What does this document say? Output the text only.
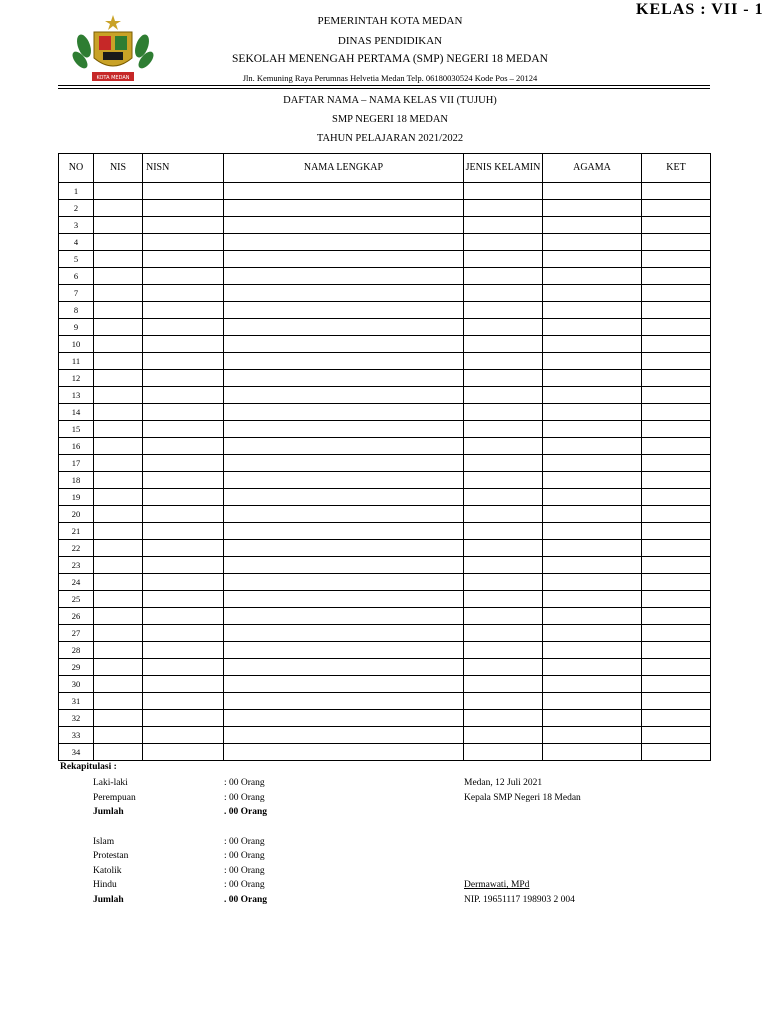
KELAS : VII - 1
KOTA MEDAN
PEMERINTAH KOTA MEDAN
DINAS PENDIDIKAN
SEKOLAH MENENGAH PERTAMA (SMP) NEGERI 18 MEDAN
Jln. Kemuning Raya Perumnas Helvetia Medan Telp. 06180030524 Kode Pos – 20124
DAFTAR NAMA – NAMA KELAS VII (TUJUH)
SMP NEGERI 18 MEDAN
TAHUN PELAJARAN 2021/2022
NO	NIS	NISN	NAMA LENGKAP	JENIS KELAMIN	AGAMA	KET
1						
2						
3						
4						
5						
6						
7						
8						
9						
10						
11						
12						
13						
14						
15						
16						
17						
18						
19						
20						
21						
22						
23						
24						
25						
26						
27						
28						
29						
30						
31						
32						
33						
34						
Rekapitulasi :
Laki-laki	: 00 Orang
Perempuan	: 00 Orang
Jumlah	. 00 Orang
Islam	: 00 Orang
Protestan	: 00 Orang
Katolik	: 00 Orang
Hindu	: 00 Orang
Jumlah	. 00 Orang
Medan, 12 Juli 2021
Kepala SMP Negeri 18 Medan
Dermawati, MPd
NIP. 19651117 198903 2 004
